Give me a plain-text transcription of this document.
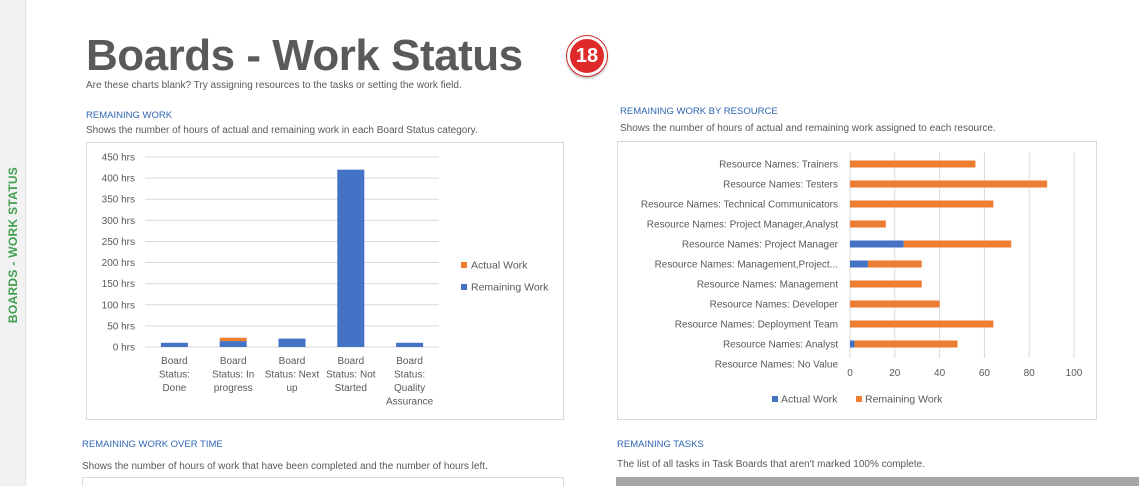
BOARDS - WORK STATUS
Boards - Work Status
Are these charts blank? Try assigning resources to the tasks or setting the work field.
18
REMAINING WORK
Shows the number of hours of actual and remaining work in each Board Status category.
0 hrs
50 hrs
100 hrs
150 hrs
200 hrs
250 hrs
300 hrs
350 hrs
400 hrs
450 hrs
Board
Status:
Done
Board
Status: In
progress
Board
Status: Next
up
Board
Status: Not
Started
Board
Status:
Quality
Assurance
Actual Work
Remaining Work
REMAINING WORK BY RESOURCE
Shows the number of hours of actual and remaining work assigned to each resource.
0	20	40	60	80	100
Resource Names: Trainers
Resource Names: Testers
Resource Names: Technical Communicators
Resource Names: Project Manager,Analyst
Resource Names: Project Manager
Resource Names: Management,Project...
Resource Names: Management
Resource Names: Developer
Resource Names: Deployment Team
Resource Names: Analyst
Resource Names: No Value
Actual Work	Remaining Work
REMAINING WORK OVER TIME
Shows the number of hours of work that have been completed and the number of hours left.
REMAINING TASKS
The list of all tasks in Task Boards that aren't marked 100% complete.
